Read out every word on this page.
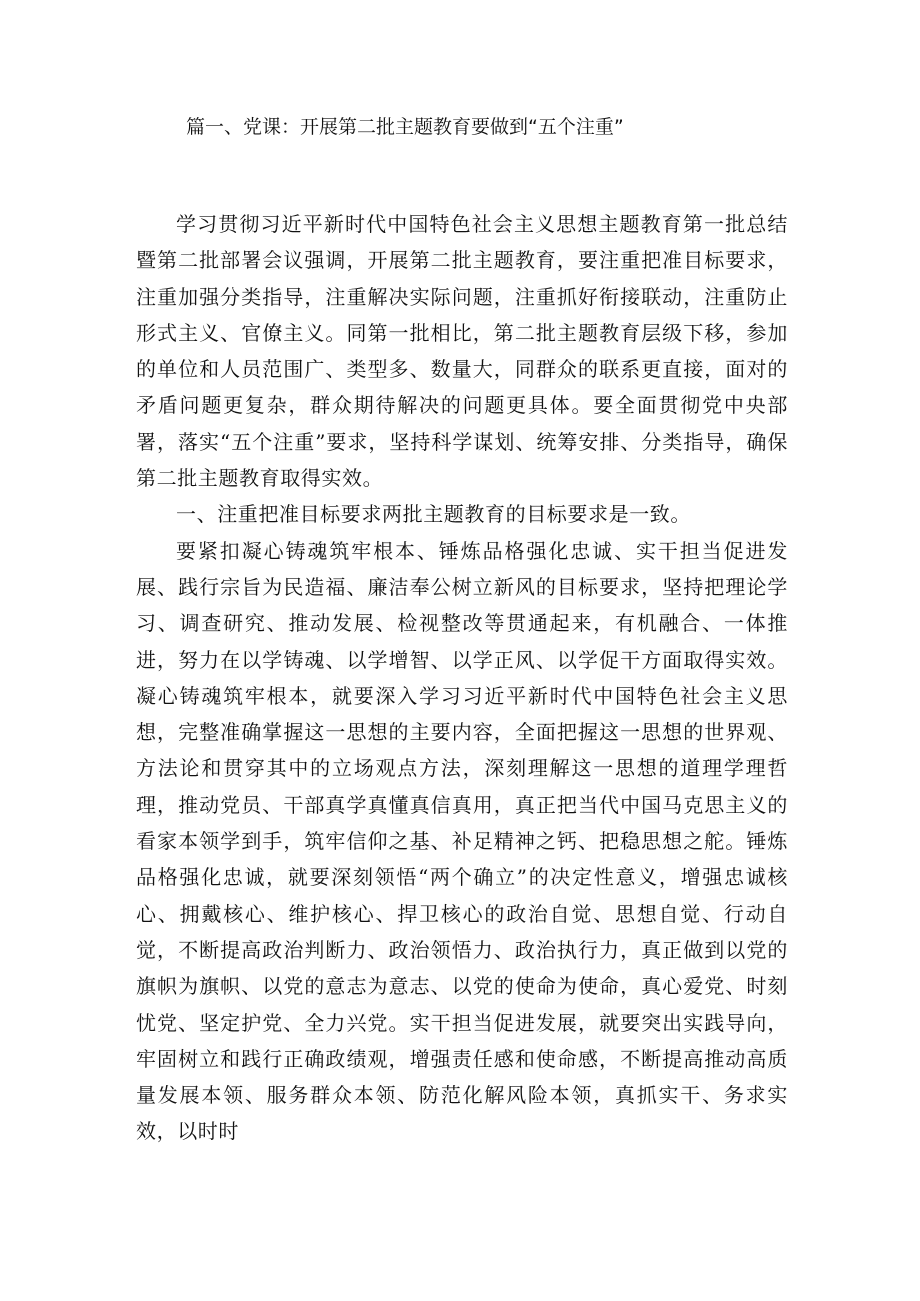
篇一、党课：开展第二批主题教育要做到“五个注重”

学习贯彻习近平新时代中国特色社会主义思想主题教育第一批总结暨第二批部署会议强调，开展第二批主题教育，要注重把准目标要求，注重加强分类指导，注重解决实际问题，注重抓好衔接联动，注重防止形式主义、官僚主义。同第一批相比，第二批主题教育层级下移，参加的单位和人员范围广、类型多、数量大，同群众的联系更直接，面对的矛盾问题更复杂，群众期待解决的问题更具体。要全面贯彻党中央部署，落实“五个注重”要求，坚持科学谋划、统筹安排、分类指导，确保第二批主题教育取得实效。

一、注重把准目标要求两批主题教育的目标要求是一致。

要紧扣凝心铸魂筑牢根本、锤炼品格强化忠诚、实干担当促进发展、践行宗旨为民造福、廉洁奉公树立新风的目标要求，坚持把理论学习、调查研究、推动发展、检视整改等贯通起来，有机融合、一体推进，努力在以学铸魂、以学增智、以学正风、以学促干方面取得实效。凝心铸魂筑牢根本，就要深入学习习近平新时代中国特色社会主义思想，完整准确掌握这一思想的主要内容，全面把握这一思想的世界观、方法论和贯穿其中的立场观点方法，深刻理解这一思想的道理学理哲理，推动党员、干部真学真懂真信真用，真正把当代中国马克思主义的看家本领学到手，筑牢信仰之基、补足精神之钙、把稳思想之舵。锤炼品格强化忠诚，就要深刻领悟“两个确立”的决定性意义，增强忠诚核心、拥戴核心、维护核心、捍卫核心的政治自觉、思想自觉、行动自觉，不断提高政治判断力、政治领悟力、政治执行力，真正做到以党的旗帜为旗帜、以党的意志为意志、以党的使命为使命，真心爱党、时刻忧党、坚定护党、全力兴党。实干担当促进发展，就要突出实践导向，牢固树立和践行正确政绩观，增强责任感和使命感，不断提高推动高质量发展本领、服务群众本领、防范化解风险本领，真抓实干、务求实效，以时时
